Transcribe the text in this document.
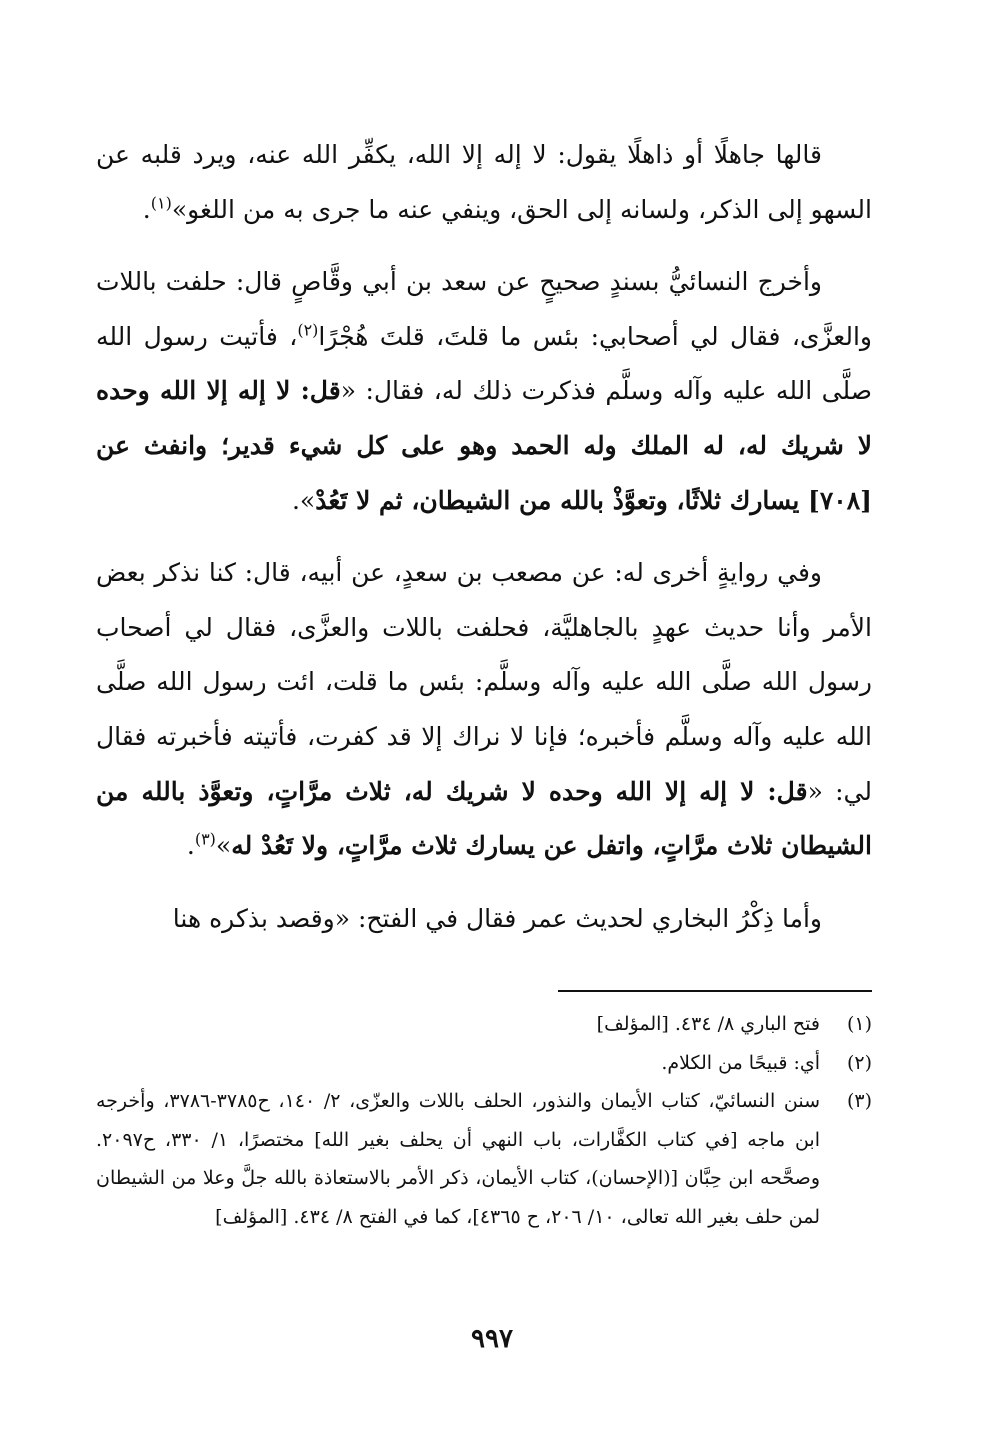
قالها جاهلًا أو ذاهلًا يقول: لا إله إلا الله، يكفِّر الله عنه، ويرد قلبه عن السهو إلى الذكر، ولسانه إلى الحق، وينفي عنه ما جرى به من اللغو»$^{(١)}$.

وأخرج النسائيُّ بسندٍ صحيحٍ عن سعد بن أبي وقَّاصٍ قال: حلفت باللات والعزَّى، فقال لي أصحابي: بئس ما قلتَ، قلتَ هُجْرًا$^{(٢)}$، فأتيت رسول الله صلَّى الله عليه وآله وسلَّم فذكرت ذلك له، فقال: «قل: لا إله إلا الله وحده لا شريك له، له الملك وله الحمد وهو على كل شيء قدير؛ وانفث عن [٧٠٨] يسارك ثلاثًا، وتعوَّذْ بالله من الشيطان، ثم لا تَعُدْ».

وفي روايةٍ أخرى له: عن مصعب بن سعدٍ، عن أبيه، قال: كنا نذكر بعض الأمر وأنا حديث عهدٍ بالجاهليَّة، فحلفت باللات والعزَّى، فقال لي أصحاب رسول الله صلَّى الله عليه وآله وسلَّم: بئس ما قلت، ائت رسول الله صلَّى الله عليه وآله وسلَّم فأخبره؛ فإنا لا نراك إلا قد كفرت، فأتيته فأخبرته فقال لي: «قل: لا إله إلا الله وحده لا شريك له، ثلاث مرَّاتٍ، وتعوَّذ بالله من الشيطان ثلاث مرَّاتٍ، واتفل عن يسارك ثلاث مرَّاتٍ، ولا تَعُدْ له»$^{(٣)}$.

وأما ذِكْرُ البخاري لحديث عمر فقال في الفتح: «وقصد بذكره هنا

(١)
فتح الباري ٨/ ٤٣٤. [المؤلف]
(٢)
أي: قبيحًا من الكلام.
(٣)
سنن النسائيّ، كتاب الأيمان والنذور، الحلف باللات والعزّى، ٢/ ١٤٠، ح٣٧٨٥-٣٧٨٦، وأخرجه ابن ماجه [في كتاب الكفَّارات، باب النهي أن يحلف بغير الله] مختصرًا، ١/ ٣٣٠، ح٢٠٩٧. وصحَّحه ابن حِبَّان [(الإحسان)، كتاب الأيمان، ذكر الأمر بالاستعاذة بالله جلَّ وعلا من الشيطان لمن حلف بغير الله تعالى، ١٠/ ٢٠٦، ح ٤٣٦٥]، كما في الفتح ٨/ ٤٣٤. [المؤلف]
٩٩٧
